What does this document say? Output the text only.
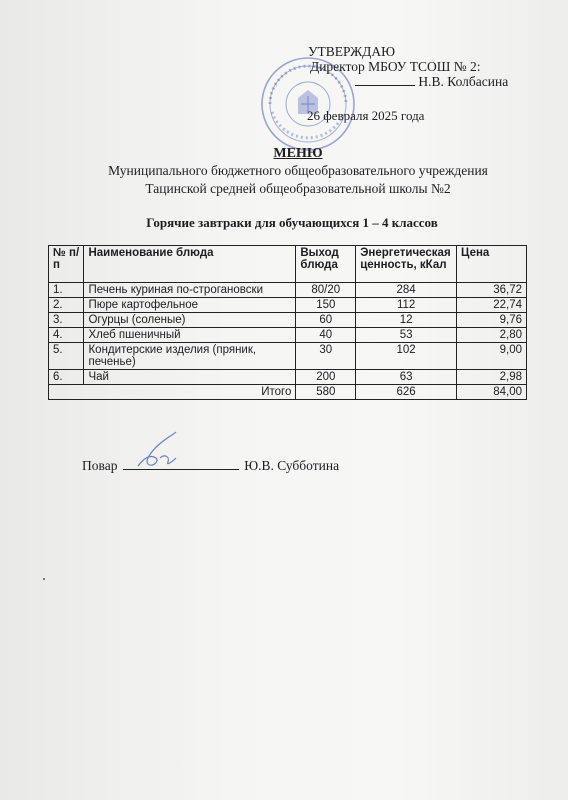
УТВЕРЖДАЮ
Директор МБОУ ТСОШ № 2:
Н.В. Колбасина
26 февраля 2025 года
МЕНЮ
Муниципального бюджетного общеобразовательного учреждения
Тацинской средней общеобразовательной школы №2
Горячие завтраки для обучающихся 1 – 4 классов
№ п/п	Наименование блюда	Выход блюда	Энергетическая ценность, кКал	Цена
1.	Печень куриная по-строгановски	80/20	284	36,72
2.	Пюре картофельное	150	112	22,74
3.	Огурцы (соленые)	60	12	9,76
4.	Хлеб пшеничный	40	53	2,80
5.	Кондитерские изделия (пряник, печенье)	30	102	9,00
6.	Чай	200	63	2,98
Итого		580	626	84,00
Повар	Ю.В. Субботина
